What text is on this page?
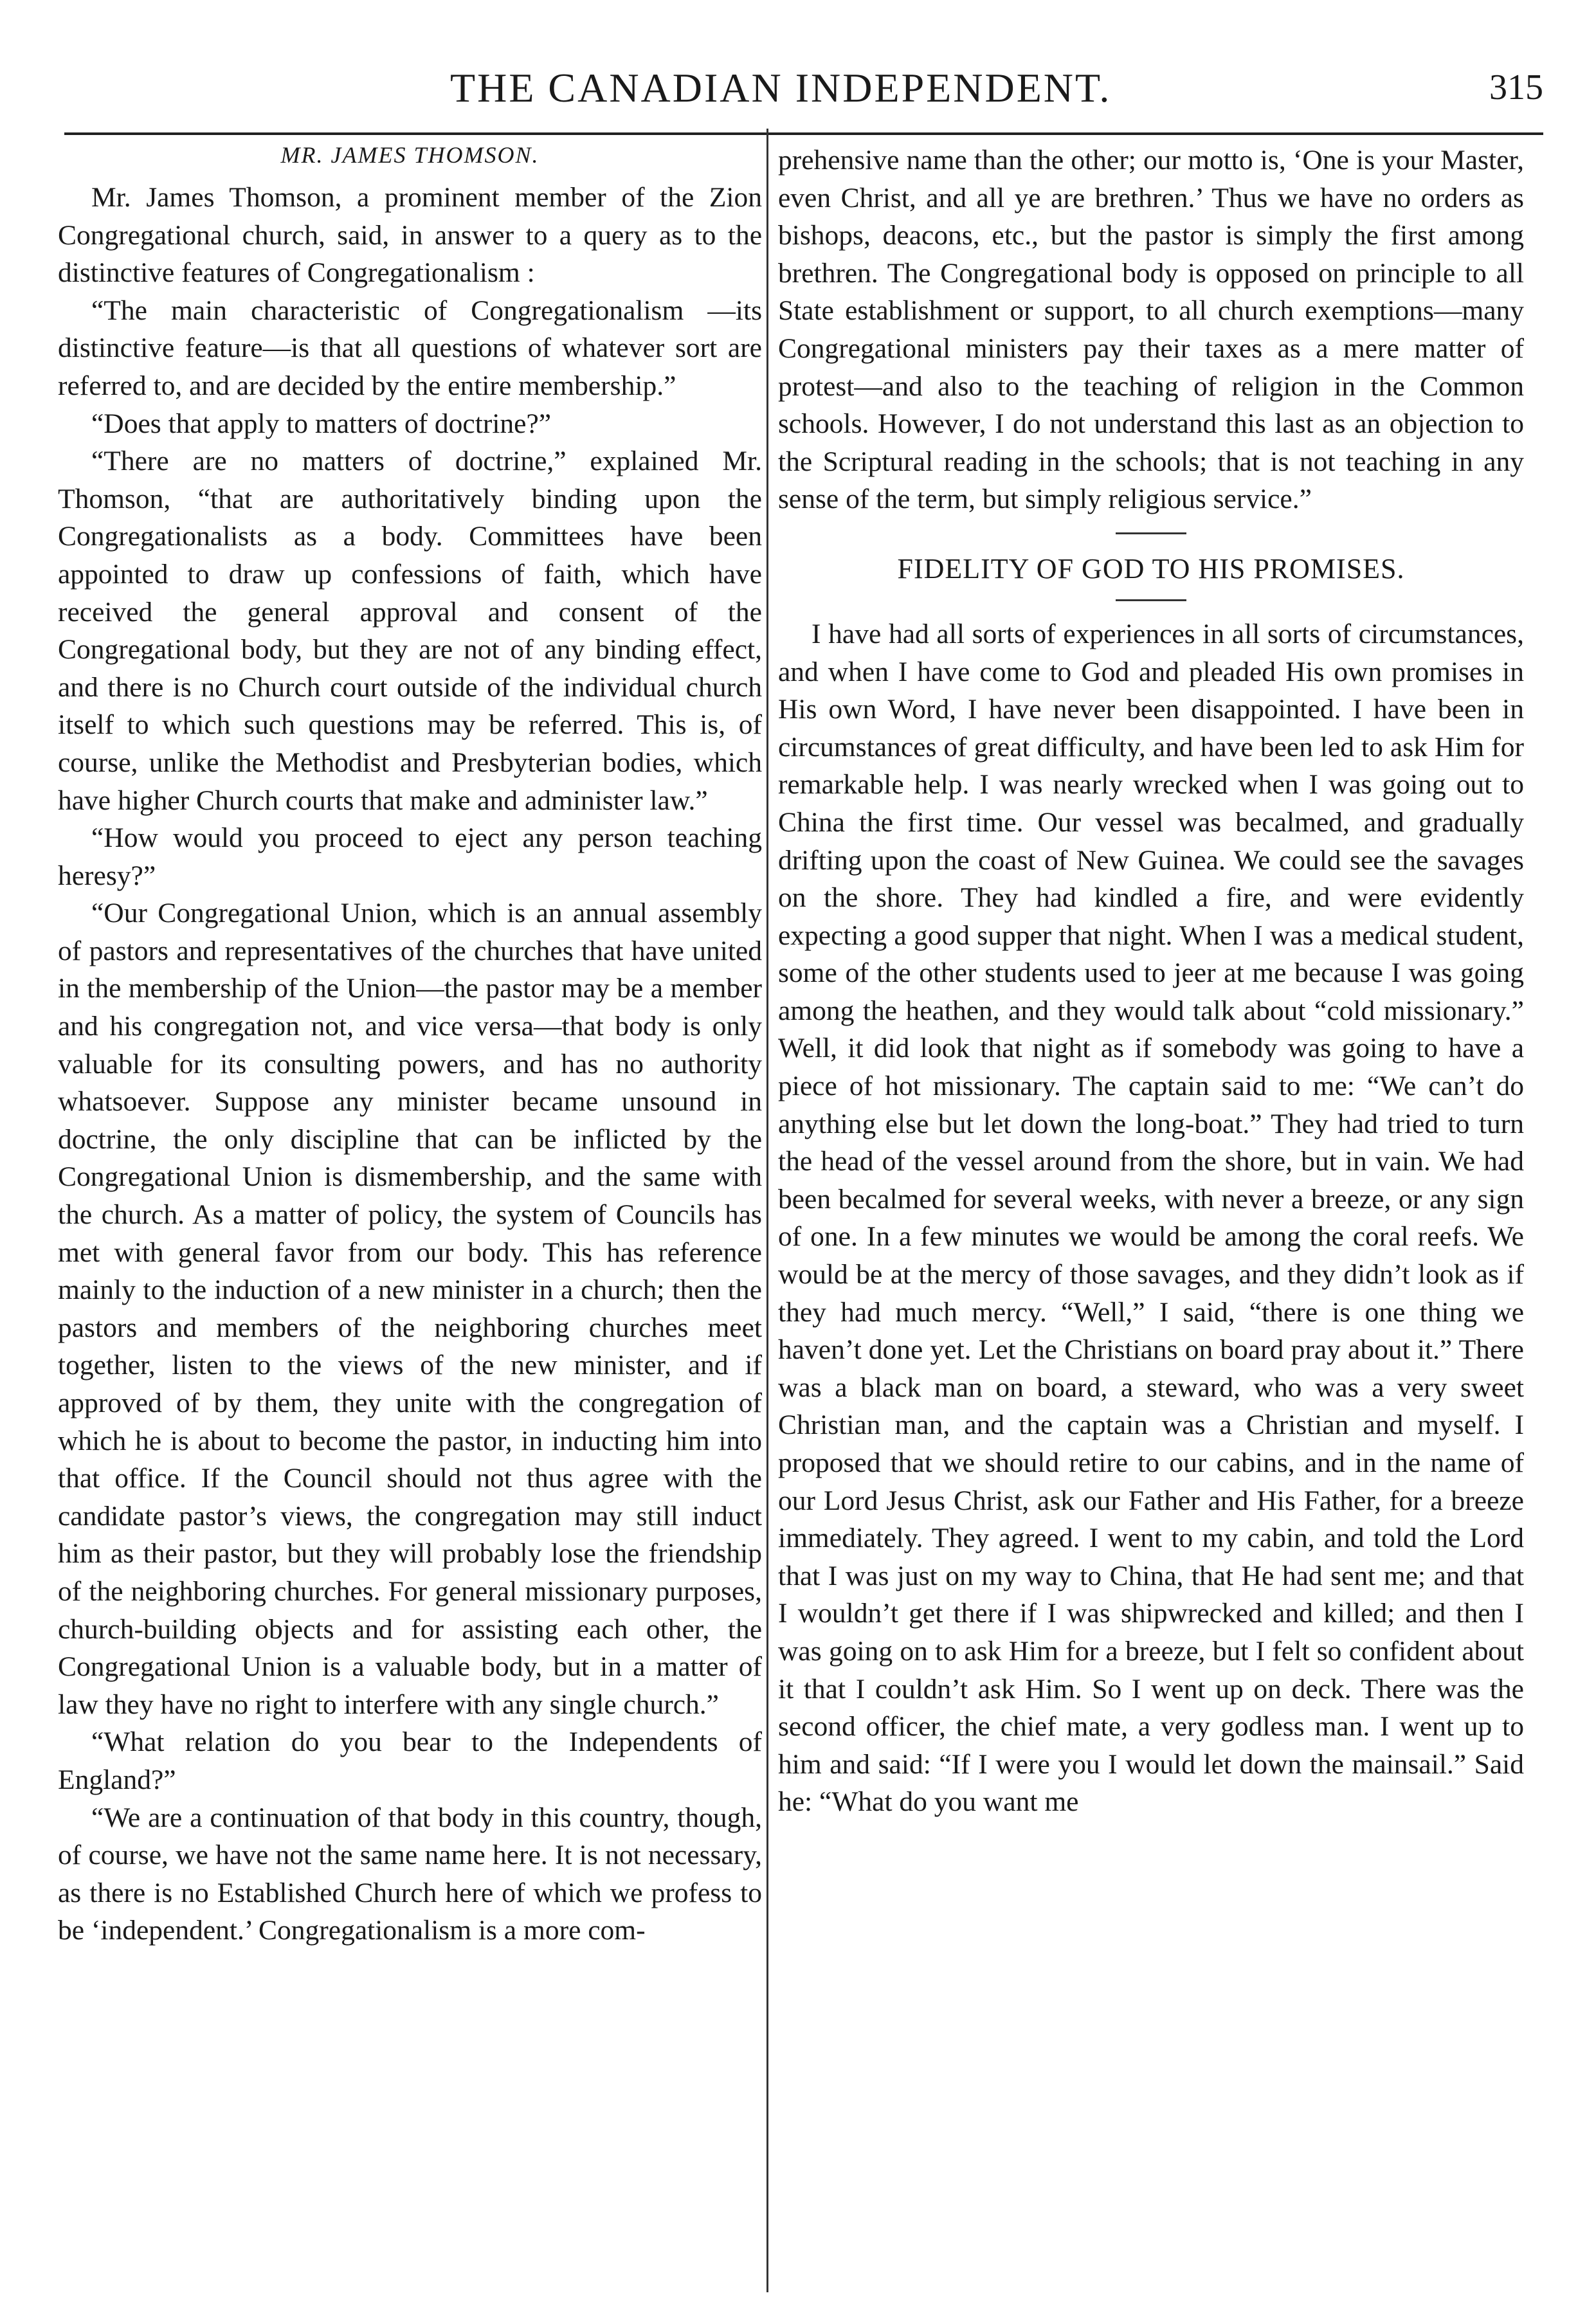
THE CANADIAN INDEPENDENT.	315
MR. JAMES THOMSON.

Mr. James Thomson, a prominent member of the Zion Congregational church, said, in answer to a query as to the distinctive features of Congregationalism :

“The main characteristic of Congregationalism —its distinctive feature—is that all questions of whatever sort are referred to, and are decided by the entire membership.”

“Does that apply to matters of doctrine?”

“There are no matters of doctrine,” explained Mr. Thomson, “that are authoritatively binding upon the Congregationalists as a body. Committees have been appointed to draw up confessions of faith, which have received the general approval and consent of the Congregational body, but they are not of any binding effect, and there is no Church court outside of the individual church itself to which such questions may be referred. This is, of course, unlike the Methodist and Presbyterian bodies, which have higher Church courts that make and administer law.”

“How would you proceed to eject any person teaching heresy?”

“Our Congregational Union, which is an annual assembly of pastors and representatives of the churches that have united in the membership of the Union—the pastor may be a member and his congregation not, and vice versa—that body is only valuable for its consulting powers, and has no authority whatsoever. Suppose any minister became unsound in doctrine, the only discipline that can be inflicted by the Congregational Union is dismembership, and the same with the church. As a matter of policy, the system of Councils has met with general favor from our body. This has reference mainly to the induction of a new minister in a church; then the pastors and members of the neighboring churches meet together, listen to the views of the new minister, and if approved of by them, they unite with the congregation of which he is about to become the pastor, in inducting him into that office. If the Council should not thus agree with the candidate pastor’s views, the congregation may still induct him as their pastor, but they will probably lose the friendship of the neighboring churches. For general missionary purposes, church-building objects and for assisting each other, the Congregational Union is a valuable body, but in a matter of law they have no right to interfere with any single church.”

“What relation do you bear to the Independents of England?”

“We are a continuation of that body in this country, though, of course, we have not the same name here. It is not necessary, as there is no Established Church here of which we profess to be ‘independent.’ Congregationalism is a more com-

prehensive name than the other; our motto is, ‘One is your Master, even Christ, and all ye are brethren.’ Thus we have no orders as bishops, deacons, etc., but the pastor is simply the first among brethren. The Congregational body is opposed on principle to all State establishment or support, to all church exemptions—many Congregational ministers pay their taxes as a mere matter of protest—and also to the teaching of religion in the Common schools. However, I do not understand this last as an objection to the Scriptural reading in the schools; that is not teaching in any sense of the term, but simply religious service.”

FIDELITY OF GOD TO HIS PROMISES.

I have had all sorts of experiences in all sorts of circumstances, and when I have come to God and pleaded His own promises in His own Word, I have never been disappointed. I have been in circumstances of great difficulty, and have been led to ask Him for remarkable help. I was nearly wrecked when I was going out to China the first time. Our vessel was becalmed, and gradually drifting upon the coast of New Guinea. We could see the savages on the shore. They had kindled a fire, and were evidently expecting a good supper that night. When I was a medical student, some of the other students used to jeer at me because I was going among the heathen, and they would talk about “cold missionary.” Well, it did look that night as if somebody was going to have a piece of hot missionary. The captain said to me: “We can’t do anything else but let down the long-boat.” They had tried to turn the head of the vessel around from the shore, but in vain. We had been becalmed for several weeks, with never a breeze, or any sign of one. In a few minutes we would be among the coral reefs. We would be at the mercy of those savages, and they didn’t look as if they had much mercy. “Well,” I said, “there is one thing we haven’t done yet. Let the Christians on board pray about it.” There was a black man on board, a steward, who was a very sweet Christian man, and the captain was a Christian and myself. I proposed that we should retire to our cabins, and in the name of our Lord Jesus Christ, ask our Father and His Father, for a breeze immediately. They agreed. I went to my cabin, and told the Lord that I was just on my way to China, that He had sent me; and that I wouldn’t get there if I was shipwrecked and killed; and then I was going on to ask Him for a breeze, but I felt so confident about it that I couldn’t ask Him. So I went up on deck. There was the second officer, the chief mate, a very godless man. I went up to him and said: “If I were you I would let down the mainsail.” Said he: “What do you want me
